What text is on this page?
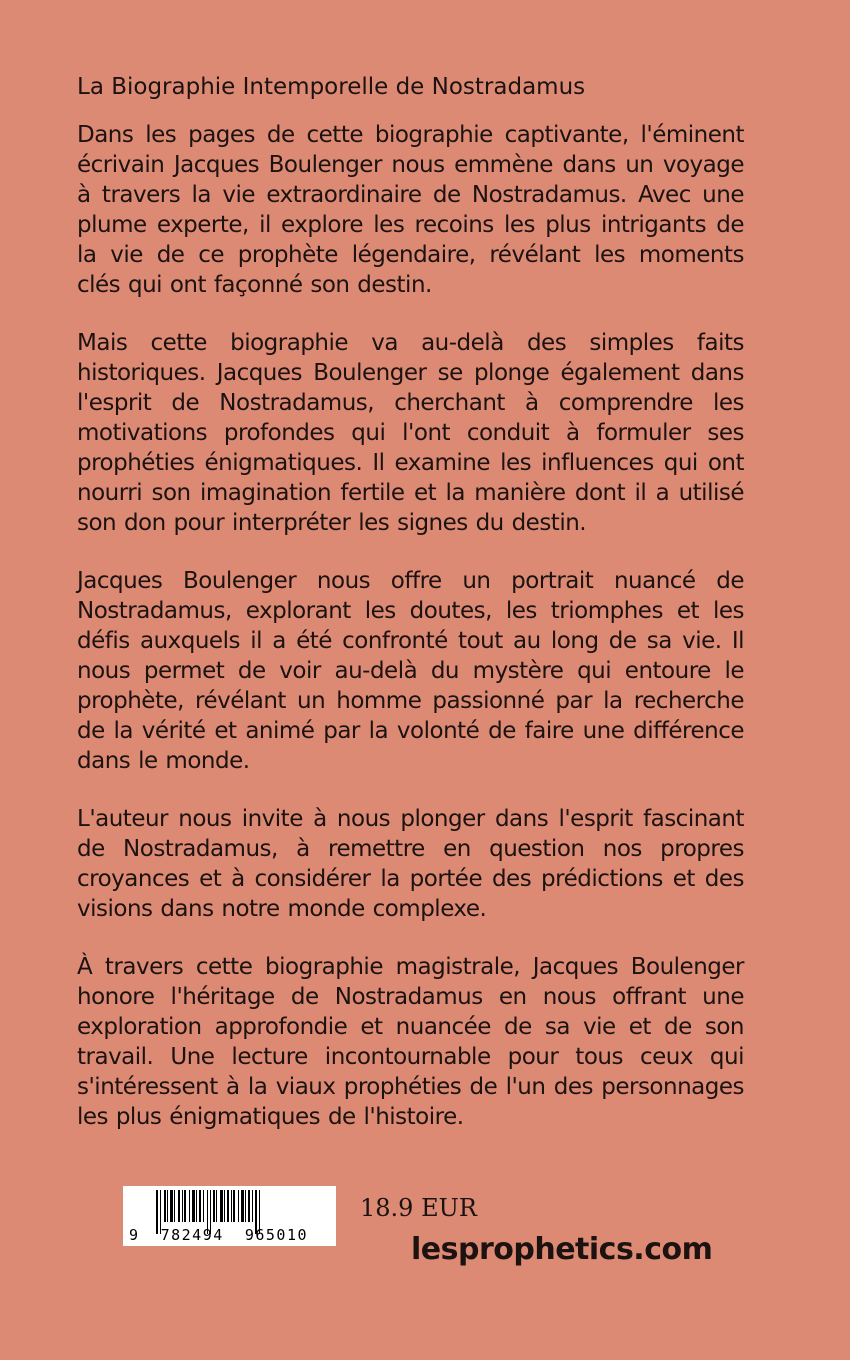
La Biographie Intemporelle de Nostradamus

Dans les pages de cette biographie captivante, l'éminent écrivain Jacques Boulenger nous emmène dans un voyage à travers la vie extraordinaire de Nostradamus. Avec une plume experte, il explore les recoins les plus intrigants de la vie de ce prophète légendaire, révélant les moments clés qui ont façonné son destin.

Mais cette biographie va au-delà des simples faits historiques. Jacques Boulenger se plonge également dans l'esprit de Nostradamus, cherchant à comprendre les motivations profondes qui l'ont conduit à formuler ses prophéties énigmatiques. Il examine les influences qui ont nourri son imagination fertile et la manière dont il a utilisé son don pour interpréter les signes du destin.

Jacques Boulenger nous offre un portrait nuancé de Nostradamus, explorant les doutes, les triomphes et les défis auxquels il a été confronté tout au long de sa vie. Il nous permet de voir au-delà du mystère qui entoure le prophète, révélant un homme passionné par la recherche de la vérité et animé par la volonté de faire une différence dans le monde.

L'auteur nous invite à nous plonger dans l'esprit fascinant de Nostradamus, à remettre en question nos propres croyances et à considérer la portée des prédictions et des visions dans notre monde complexe.

À travers cette biographie magistrale, Jacques Boulenger honore l'héritage de Nostradamus en nous offrant une exploration approfondie et nuancée de sa vie et de son travail. Une lecture incontournable pour tous ceux qui s'intéressent à la viaux prophéties de l'un des personnages les plus énigmatiques de l'histoire.

9  782494  965010
18.9 EUR
lesprophetics.com
